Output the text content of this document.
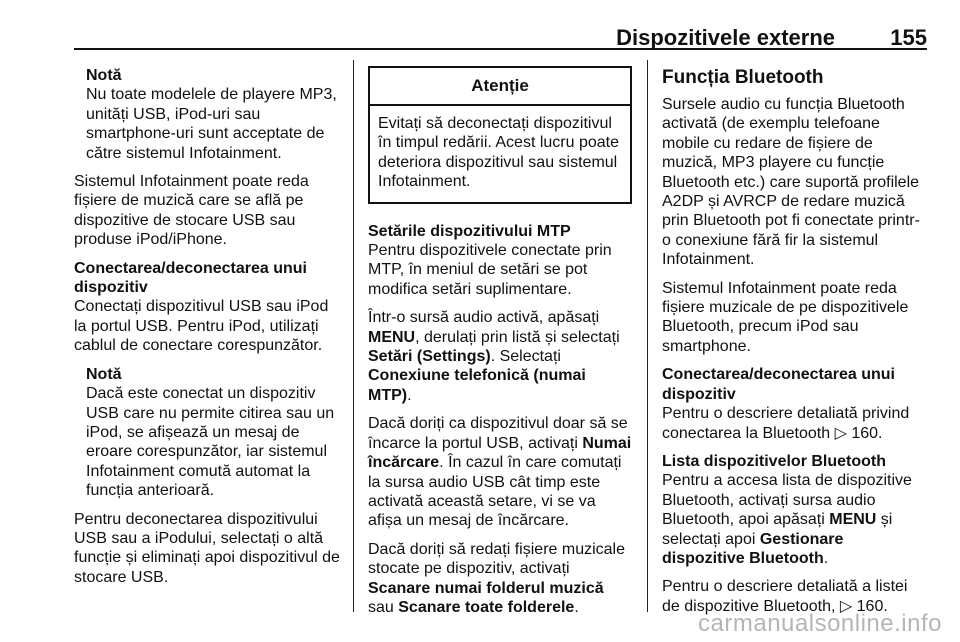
Dispozitivele externe	155
Notă
Nu toate modelele de playere MP3, unități USB, iPod-uri sau smartphone-uri sunt acceptate de către sistemul Infotainment.

Sistemul Infotainment poate reda fișiere de muzică care se află pe dispozitive de stocare USB sau produse iPod/iPhone.

Conectarea/deconectarea unui dispozitiv
Conectați dispozitivul USB sau iPod la portul USB. Pentru iPod, utilizați cablul de conectare corespunzător.

Notă
Dacă este conectat un dispozitiv USB care nu permite citirea sau un iPod, se afișează un mesaj de eroare corespunzător, iar sistemul Infotainment comută automat la funcția anterioară.

Pentru deconectarea dispozitivului USB sau a iPodului, selectați o altă funcție și eliminați apoi dispozitivul de stocare USB.

Atenție
Evitați să deconectați dispozitivul în timpul redării. Acest lucru poate deteriora dispozitivul sau sistemul Infotainment.

Setările dispozitivului MTP
Pentru dispozitivele conectate prin MTP, în meniul de setări se pot modifica setări suplimentare.

Într-o sursă audio activă, apăsați MENU, derulați prin listă și selectați Setări (Settings). Selectați Conexiune telefonică (numai MTP).

Dacă doriți ca dispozitivul doar să se încarce la portul USB, activați Numai încărcare. În cazul în care comutați la sursa audio USB cât timp este activată această setare, vi se va afișa un mesaj de încărcare.

Dacă doriți să redați fișiere muzicale stocate pe dispozitiv, activați Scanare numai folderul muzică sau Scanare toate folderele.

Funcția Bluetooth

Sursele audio cu funcția Bluetooth activată (de exemplu telefoane mobile cu redare de fișiere de muzică, MP3 playere cu funcție Bluetooth etc.) care suportă profilele A2DP și AVRCP de redare muzică prin Bluetooth pot fi conectate printr-o conexiune fără fir la sistemul Infotainment.

Sistemul Infotainment poate reda fișiere muzicale de pe dispozitivele Bluetooth, precum iPod sau smartphone.

Conectarea/deconectarea unui dispozitiv
Pentru o descriere detaliată privind conectarea la Bluetooth ▷ 160.

Lista dispozitivelor Bluetooth
Pentru a accesa lista de dispozitive Bluetooth, activați sursa audio Bluetooth, apoi apăsați MENU și selectați apoi Gestionare dispozitive Bluetooth.

Pentru o descriere detaliată a listei de dispozitive Bluetooth, ▷ 160.

carmanualsonline.info
